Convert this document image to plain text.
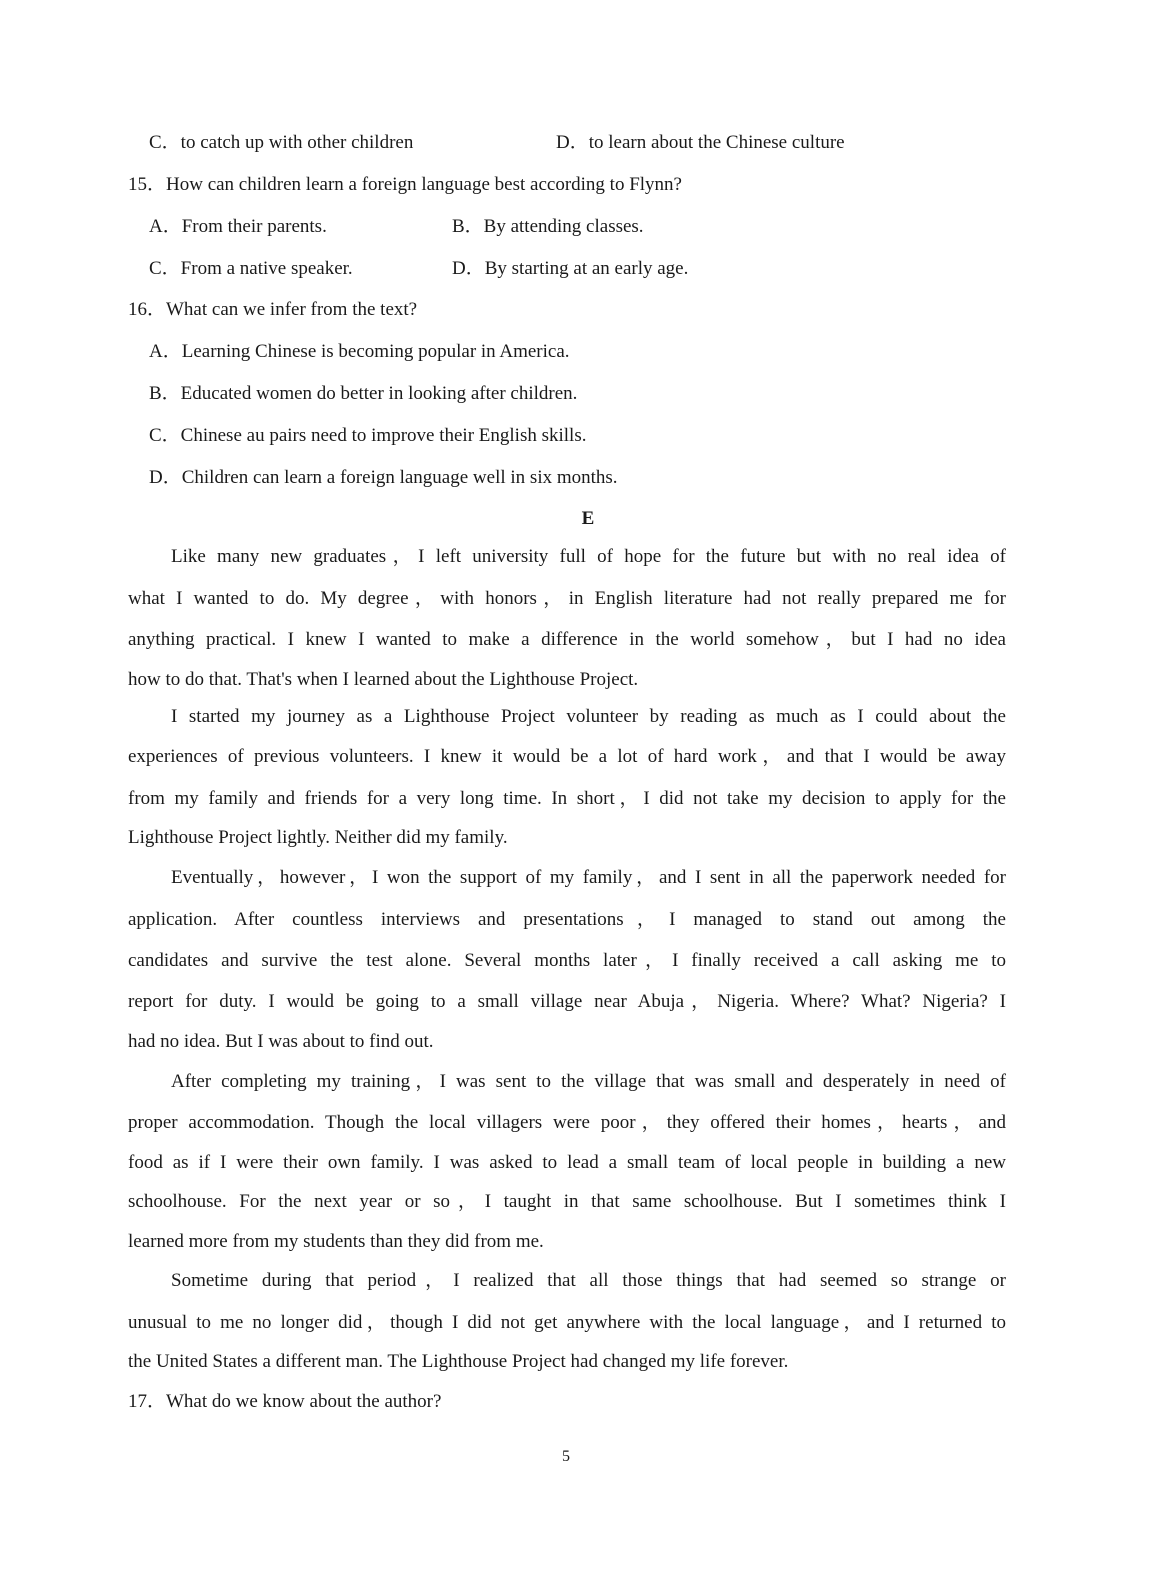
C．to catch up with other children	D．to learn about the Chinese culture
15．How can children learn a foreign language best according to Flynn?
A．From their parents.	B．By attending classes.
C．From a native speaker.	D．By starting at an early age.
16．What can we infer from the text?
A．Learning Chinese is becoming popular in America.
B．Educated women do better in looking after children.
C．Chinese au pairs need to improve their English skills.
D．Children can learn a foreign language well in six months.
E
Like many new graduates，I left university full of hope for the future but with no real idea of
what I wanted to do. My degree，with honors，in English literature had not really prepared me for
anything practical. I knew I wanted to make a difference in the world somehow，but I had no idea
how to do that. That's when I learned about the Lighthouse Project.
I started my journey as a Lighthouse Project volunteer by reading as much as I could about the
experiences of previous volunteers. I knew it would be a lot of hard work，and that I would be away
from my family and friends for a very long time. In short，I did not take my decision to apply for the
Lighthouse Project lightly. Neither did my family.
Eventually，however，I won the support of my family，and I sent in all the paperwork needed for
application. After countless interviews and presentations，I managed to stand out among the
candidates and survive the test alone. Several months later，I finally received a call asking me to
report for duty. I would be going to a small village near Abuja，Nigeria. Where? What? Nigeria? I
had no idea. But I was about to find out.
After completing my training，I was sent to the village that was small and desperately in need of
proper accommodation. Though the local villagers were poor，they offered their homes，hearts，and
food as if I were their own family. I was asked to lead a small team of local people in building a new
schoolhouse. For the next year or so，I taught in that same schoolhouse. But I sometimes think I
learned more from my students than they did from me.
Sometime during that period，I realized that all those things that had seemed so strange or
unusual to me no longer did，though I did not get anywhere with the local language，and I returned to
the United States a different man. The Lighthouse Project had changed my life forever.
17．What do we know about the author?
5
